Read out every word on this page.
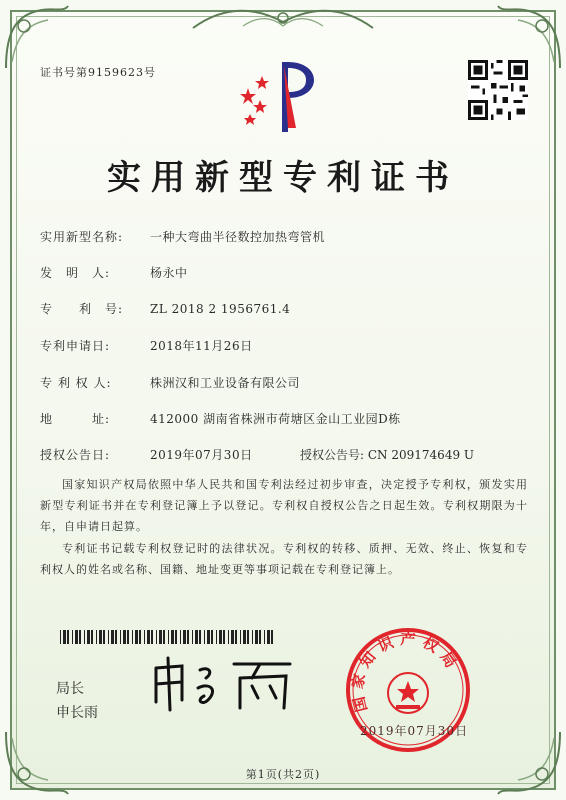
证书号第9159623号
实用新型专利证书
实用新型名称: 一种大弯曲半径数控加热弯管机
发　明　人:	杨永中
专　　利　号: ZL 2018 2 1956761.4
专利申请日:	2018年11月26日
专 利 权 人:	株洲汉和工业设备有限公司
地　　　址:	412000 湖南省株洲市荷塘区金山工业园D栋
授权公告日:	2019年07月30日	授权公告号: CN 209174649 U
国家知识产权局依照中华人民共和国专利法经过初步审查，决定授予专利权，颁发实用新型专利证书并在专利登记簿上予以登记。专利权自授权公告之日起生效。专利权期限为十年，自申请日起算。
专利证书记载专利权登记时的法律状况。专利权的转移、质押、无效、终止、恢复和专利权人的姓名或名称、国籍、地址变更等事项记载在专利登记簿上。
局长
申长雨	国家知识产权局
2019年07月30日
第1页(共2页)
